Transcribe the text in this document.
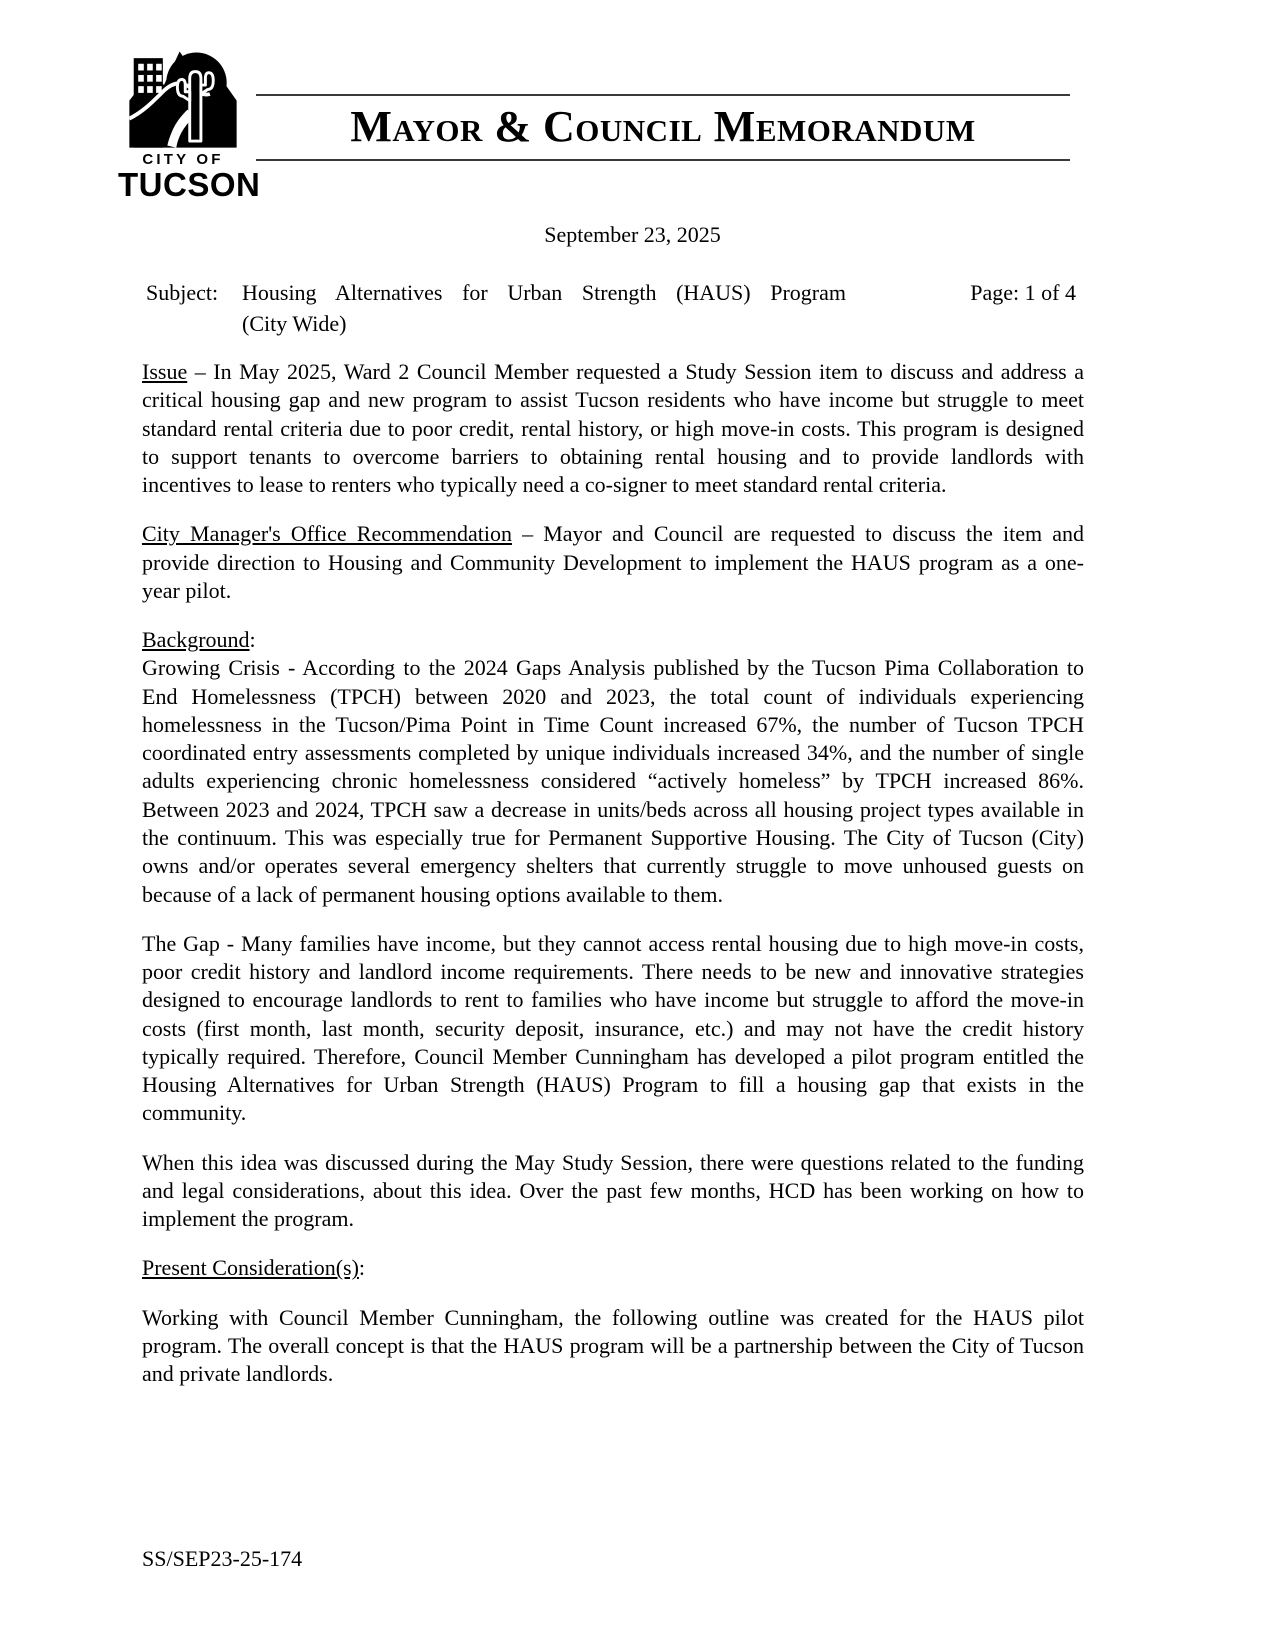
CITY OF
TUCSON
Mayor & Council Memorandum
September 23, 2025
Subject:	Housing Alternatives for Urban Strength (HAUS) Program
(City Wide)
Page: 1 of 4

Issue – In May 2025, Ward 2 Council Member requested a Study Session item to discuss and address a critical housing gap and new program to assist Tucson residents who have income but struggle to meet standard rental criteria due to poor credit, rental history, or high move-in costs. This program is designed to support tenants to overcome barriers to obtaining rental housing and to provide landlords with incentives to lease to renters who typically need a co-signer to meet standard rental criteria.

City Manager's Office Recommendation – Mayor and Council are requested to discuss the item and provide direction to Housing and Community Development to implement the HAUS program as a one-year pilot.

Background:

Growing Crisis - According to the 2024 Gaps Analysis published by the Tucson Pima Collaboration to End Homelessness (TPCH) between 2020 and 2023, the total count of individuals experiencing homelessness in the Tucson/Pima Point in Time Count increased 67%, the number of Tucson TPCH coordinated entry assessments completed by unique individuals increased 34%, and the number of single adults experiencing chronic homelessness considered “actively homeless” by TPCH increased 86%. Between 2023 and 2024, TPCH saw a decrease in units/beds across all housing project types available in the continuum. This was especially true for Permanent Supportive Housing. The City of Tucson (City) owns and/or operates several emergency shelters that currently struggle to move unhoused guests on because of a lack of permanent housing options available to them.

The Gap - Many families have income, but they cannot access rental housing due to high move-in costs, poor credit history and landlord income requirements. There needs to be new and innovative strategies designed to encourage landlords to rent to families who have income but struggle to afford the move-in costs (first month, last month, security deposit, insurance, etc.) and may not have the credit history typically required. Therefore, Council Member Cunningham has developed a pilot program entitled the Housing Alternatives for Urban Strength (HAUS) Program to fill a housing gap that exists in the community.

When this idea was discussed during the May Study Session, there were questions related to the funding and legal considerations, about this idea. Over the past few months, HCD has been working on how to implement the program.

Present Consideration(s):

Working with Council Member Cunningham, the following outline was created for the HAUS pilot program. The overall concept is that the HAUS program will be a partnership between the City of Tucson and private landlords.

SS/SEP23-25-174
